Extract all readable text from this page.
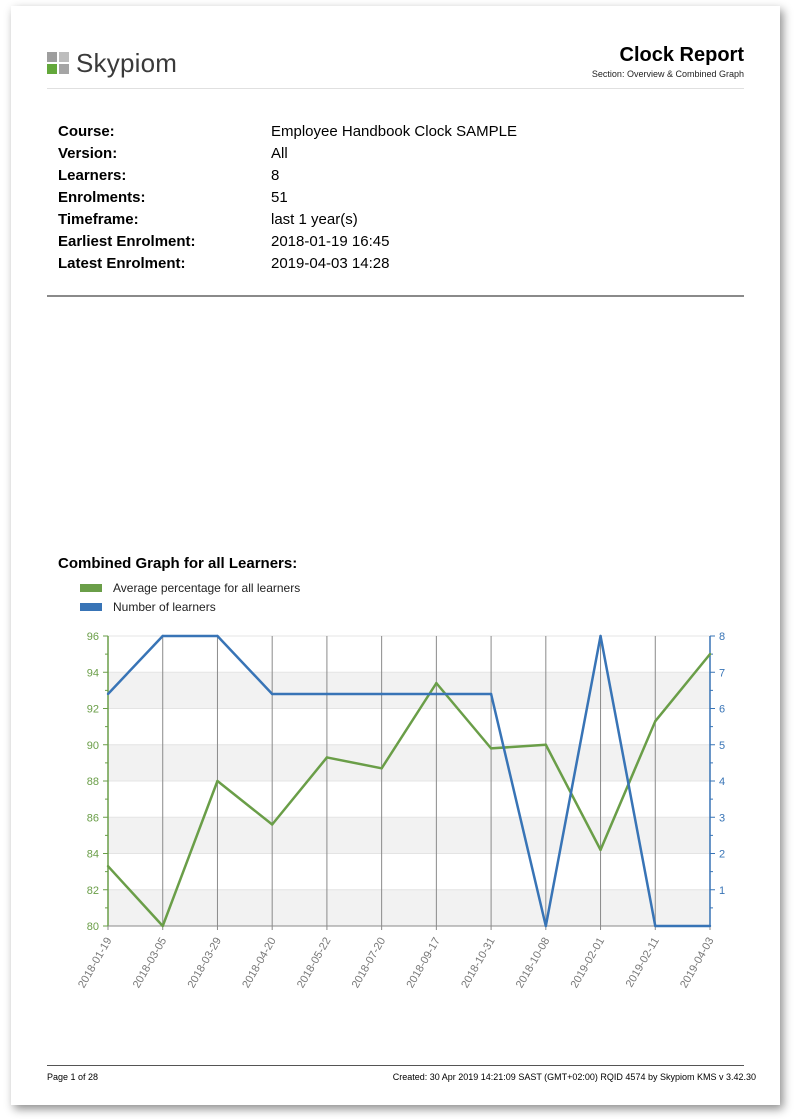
Skypiom	Clock Report
Section: Overview & Combined Graph
Course:	Employee Handbook Clock SAMPLE
Version:	All
Learners:	8
Enrolments:	51
Timeframe:	last 1 year(s)
Earliest Enrolment:	2018-01-19 16:45
Latest Enrolment:	2019-04-03 14:28
Combined Graph for all Learners:
Average percentage for all learners
Number of learners
80
82
84
86
88
90
92
94
96
1
2
3
4
5
6
7
8
2018-01-19 2018-03-05 2018-03-29 2018-04-20 2018-05-22 2018-07-20 2018-09-17 2018-10-31 2018-10-08 2019-02-01 2019-02-11 2019-04-03
Page 1 of 28	Created: 30 Apr 2019 14:21:09 SAST (GMT+02:00) RQID 4574 by Skypiom KMS v 3.42.30
